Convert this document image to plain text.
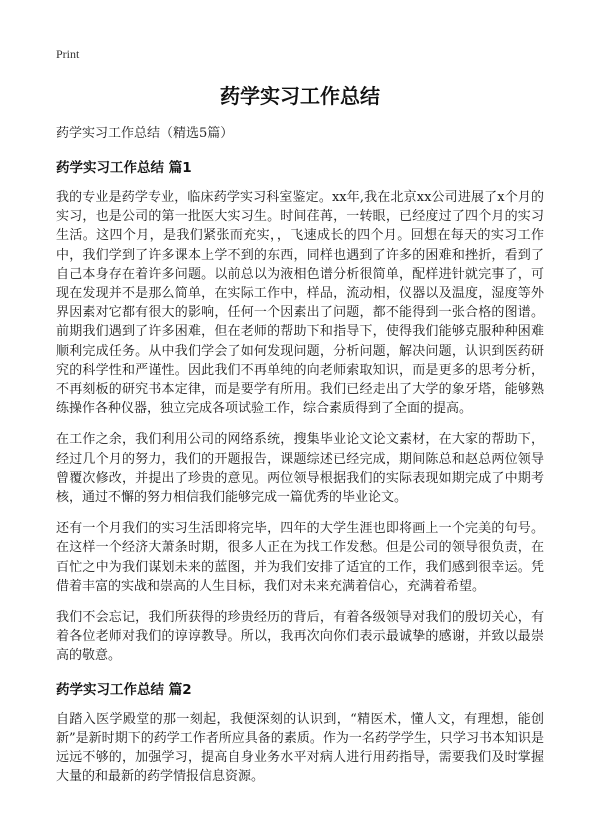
Print
药学实习工作总结

药学实习工作总结（精选5篇）

药学实习工作总结 篇1

我的专业是药学专业，临床药学实习科室鉴定。xx年,我在北京xx公司进展了x个月的实习，也是公司的第一批医大实习生。时间荏苒，一转眼，已经度过了四个月的实习生活。这四个月，是我们紧张而充实，，飞速成长的四个月。回想在每天的实习工作中，我们学到了许多课本上学不到的东西，同样也遇到了许多的困难和挫折，看到了自己本身存在着许多问题。以前总以为液相色谱分析很简单，配样进针就完事了，可现在发现并不是那么简单，在实际工作中，样品，流动相，仪器以及温度，湿度等外界因素对它都有很大的影响，任何一个因素出了问题，都不能得到一张合格的图谱。前期我们遇到了许多困难，但在老师的帮助下和指导下，使得我们能够克服种种困难顺利完成任务。从中我们学会了如何发现问题，分析问题，解决问题，认识到医药研究的科学性和严谨性。因此我们不再单纯的向老师索取知识，而是更多的思考分析，不再刻板的研究书本定律，而是要学有所用。我们已经走出了大学的象牙塔，能够熟练操作各种仪器，独立完成各项试验工作，综合素质得到了全面的提高。

在工作之余，我们利用公司的网络系统，搜集毕业论文论文素材，在大家的帮助下，经过几个月的努力，我们的开题报告，课题综述已经完成，期间陈总和赵总两位领导曾覆次修改，并提出了珍贵的意见。两位领导根据我们的实际表现如期完成了中期考核，通过不懈的努力相信我们能够完成一篇优秀的毕业论文。

还有一个月我们的实习生活即将完毕，四年的大学生涯也即将画上一个完美的句号。在这样一个经济大萧条时期，很多人正在为找工作发愁。但是公司的领导很负责，在百忙之中为我们谋划未来的蓝图，并为我们安排了适宜的工作，我们感到很幸运。凭借着丰富的实战和崇高的人生目标，我们对未来充满着信心，充满着希望。

我们不会忘记，我们所获得的珍贵经历的背后，有着各级领导对我们的殷切关心，有着各位老师对我们的谆谆教导。所以，我再次向你们表示最诚挚的感谢，并致以最崇高的敬意。

药学实习工作总结 篇2

自踏入医学殿堂的那一刻起，我便深刻的认识到，“精医术，懂人文，有理想，能创新”是新时期下的药学工作者所应具备的素质。作为一名药学学生，只学习书本知识是远远不够的，加强学习，提高自身业务水平对病人进行用药指导，需要我们及时掌握大量的和最新的药学情报信息资源。
